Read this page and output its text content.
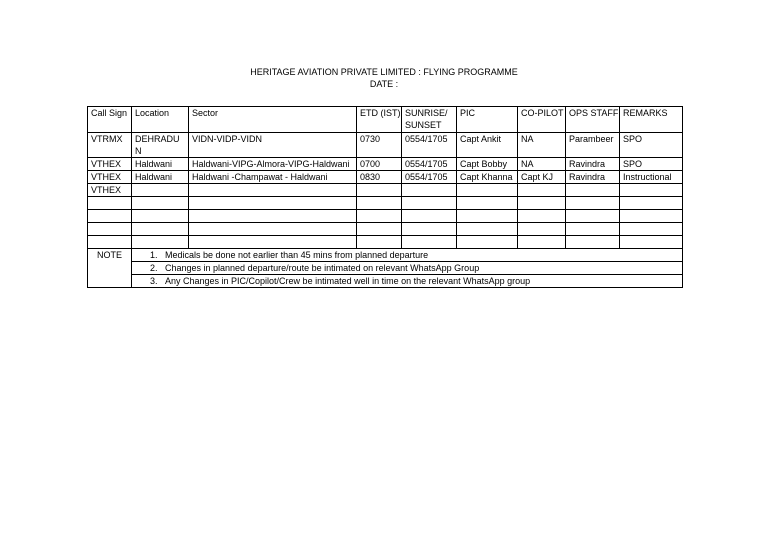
HERITAGE AVIATION PRIVATE LIMITED : FLYING PROGRAMME
DATE :
Call Sign	Location	Sector	ETD (IST)	SUNRISE/ SUNSET	PIC	CO-PILOT	OPS STAFF	REMARKS
VTRMX	DEHRADUN	VIDN-VIDP-VIDN	0730	0554/1705	Capt Ankit	NA	Parambeer	SPO
VTHEX	Haldwani	Haldwani-VIPG-Almora-VIPG-Haldwani	0700	0554/1705	Capt Bobby	NA	Ravindra	SPO
VTHEX	Haldwani	Haldwani -Champawat - Haldwani	0830	0554/1705	Capt Khanna	Capt KJ	Ravindra	Instructional
VTHEX								

NOTE	1. Medicals be done not earlier than 45 mins from planned departure							
	2. Changes in planned departure/route be intimated on relevant WhatsApp Group							
	3. Any Changes in PIC/Copilot/Crew be intimated well in time on the relevant WhatsApp group							
